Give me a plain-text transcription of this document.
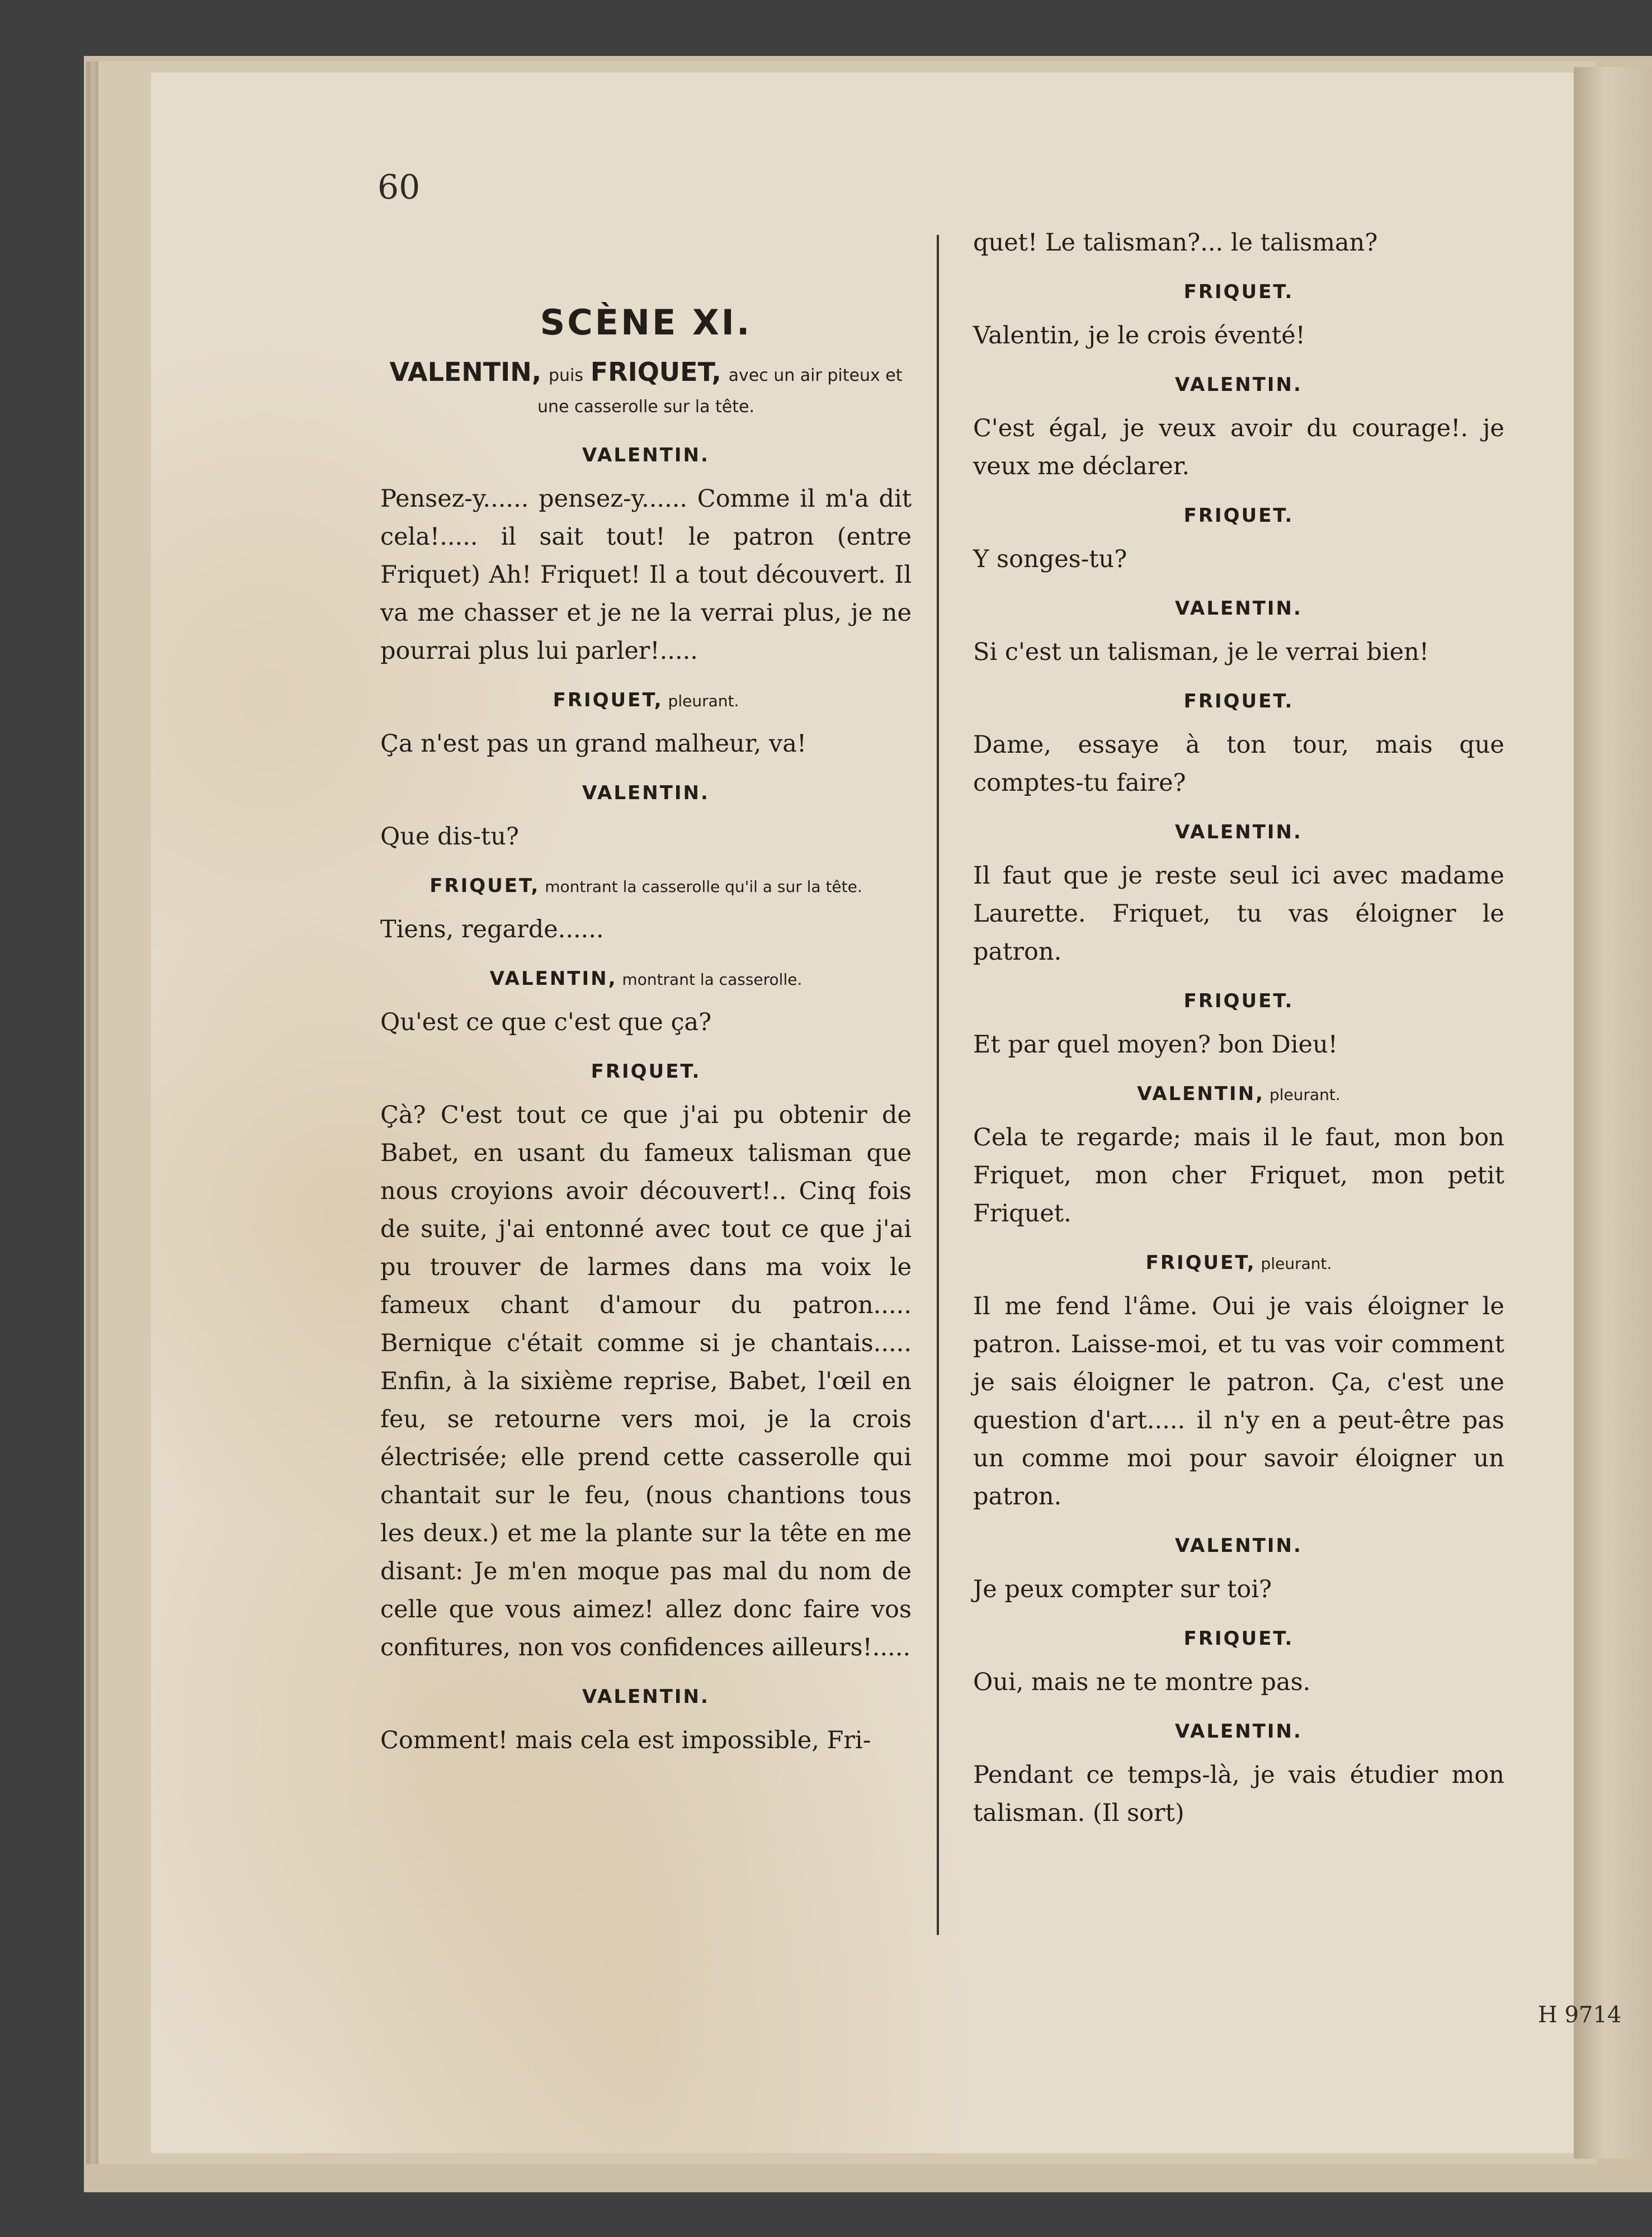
60
SCÈNE XI.
VALENTIN, puis FRIQUET, avec un air piteux et une casserolle sur la tête.
VALENTIN.

Pensez-y...... pensez-y...... Comme il m'a dit cela!..... il sait tout! le patron (entre Friquet) Ah! Friquet! Il a tout découvert. Il va me chasser et je ne la verrai plus, je ne pourrai plus lui parler!.....

FRIQUET, pleurant.

Ça n'est pas un grand malheur, va!

VALENTIN.

Que dis-tu?

FRIQUET, montrant la casserolle qu'il a sur la tête.

Tiens, regarde......

VALENTIN, montrant la casserolle.

Qu'est ce que c'est que ça?

FRIQUET.

Çà? C'est tout ce que j'ai pu obtenir de Babet, en usant du fameux talisman que nous croyions avoir découvert!.. Cinq fois de suite, j'ai entonné avec tout ce que j'ai pu trouver de larmes dans ma voix le fameux chant d'amour du patron..... Bernique c'était comme si je chantais..... Enfin, à la sixième reprise, Babet, l'œil en feu, se retourne vers moi, je la crois électrisée; elle prend cette casserolle qui chantait sur le feu, (nous chantions tous les deux.) et me la plante sur la tête en me disant: Je m'en moque pas mal du nom de celle que vous aimez! allez donc faire vos confitures, non vos confidences ailleurs!.....

VALENTIN.

Comment! mais cela est impossible, Fri-

quet! Le talisman?... le talisman?

FRIQUET.

Valentin, je le crois éventé!

VALENTIN.

C'est égal, je veux avoir du courage!. je veux me déclarer.

FRIQUET.

Y songes-tu?

VALENTIN.

Si c'est un talisman, je le verrai bien!

FRIQUET.

Dame, essaye à ton tour, mais que comptes-tu faire?

VALENTIN.

Il faut que je reste seul ici avec madame Laurette. Friquet, tu vas éloigner le patron.

FRIQUET.

Et par quel moyen? bon Dieu!

VALENTIN, pleurant.

Cela te regarde; mais il le faut, mon bon Friquet, mon cher Friquet, mon petit Friquet.

FRIQUET, pleurant.

Il me fend l'âme. Oui je vais éloigner le patron. Laisse-moi, et tu vas voir comment je sais éloigner le patron. Ça, c'est une question d'art..... il n'y en a peut-être pas un comme moi pour savoir éloigner un patron.

VALENTIN.

Je peux compter sur toi?

FRIQUET.

Oui, mais ne te montre pas.

VALENTIN.

Pendant ce temps-là, je vais étudier mon talisman. (Il sort)

H 9714
